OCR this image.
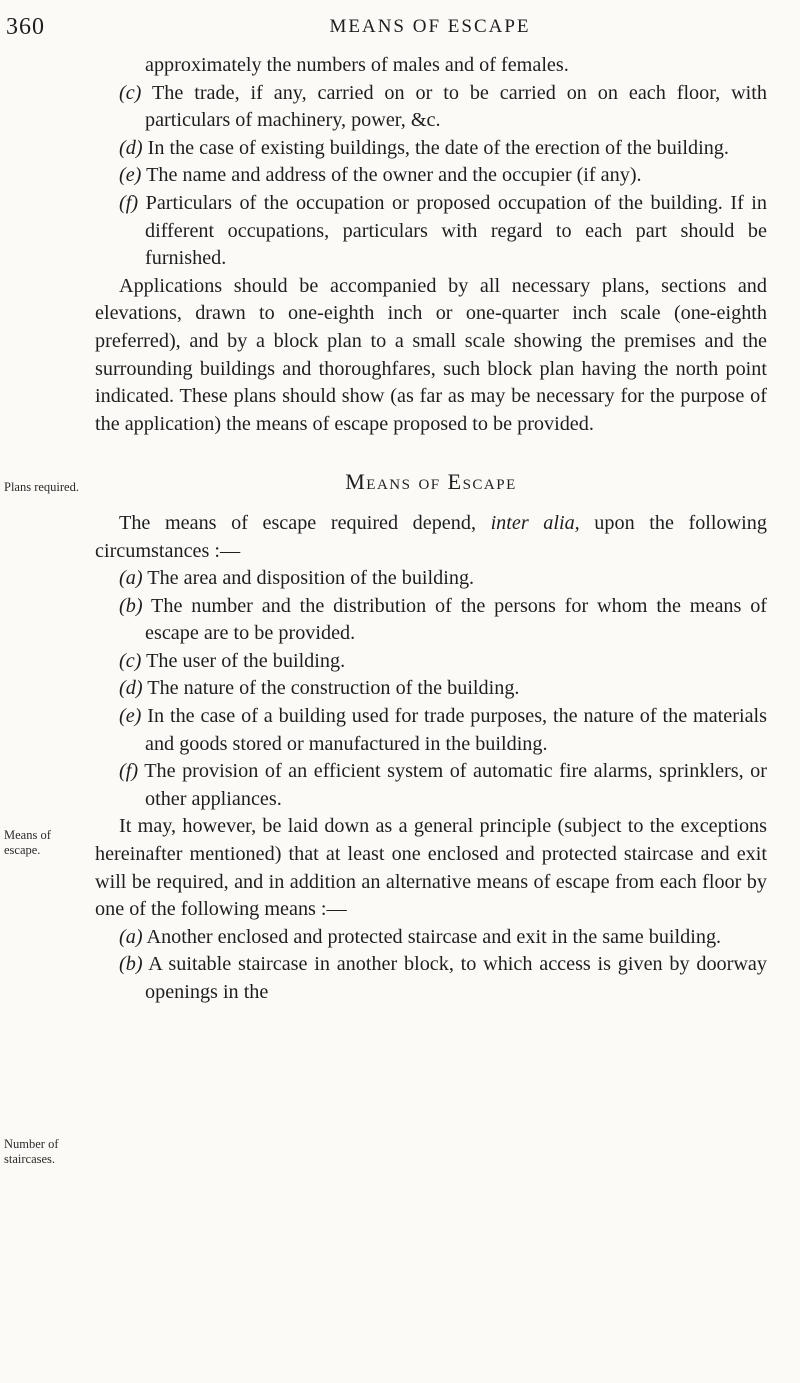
360	MEANS OF ESCAPE
Plans required.
Means of escape.
Number of staircases.

approximately the numbers of males and of females.

(c) The trade, if any, carried on or to be carried on on each floor, with particulars of machinery, power, &c.

(d) In the case of existing buildings, the date of the erection of the building.

(e) The name and address of the owner and the occupier (if any).

(f) Particulars of the occupation or proposed occupation of the building. If in different occupations, particulars with regard to each part should be furnished.

Applications should be accompanied by all necessary plans, sections and elevations, drawn to one-eighth inch or one-quarter inch scale (one-eighth preferred), and by a block plan to a small scale showing the premises and the surrounding buildings and thoroughfares, such block plan having the north point indicated. These plans should show (as far as may be necessary for the purpose of the application) the means of escape proposed to be provided.

Means of Escape

The means of escape required depend, inter alia, upon the following circumstances :—

(a) The area and disposition of the building.

(b) The number and the distribution of the persons for whom the means of escape are to be provided.

(c) The user of the building.

(d) The nature of the construction of the building.

(e) In the case of a building used for trade purposes, the nature of the materials and goods stored or manufactured in the building.

(f) The provision of an efficient system of automatic fire alarms, sprinklers, or other appliances.

It may, however, be laid down as a general principle (subject to the exceptions hereinafter mentioned) that at least one enclosed and protected staircase and exit will be required, and in addition an alternative means of escape from each floor by one of the following means :—

(a) Another enclosed and protected staircase and exit in the same building.

(b) A suitable staircase in another block, to which access is given by doorway openings in the
